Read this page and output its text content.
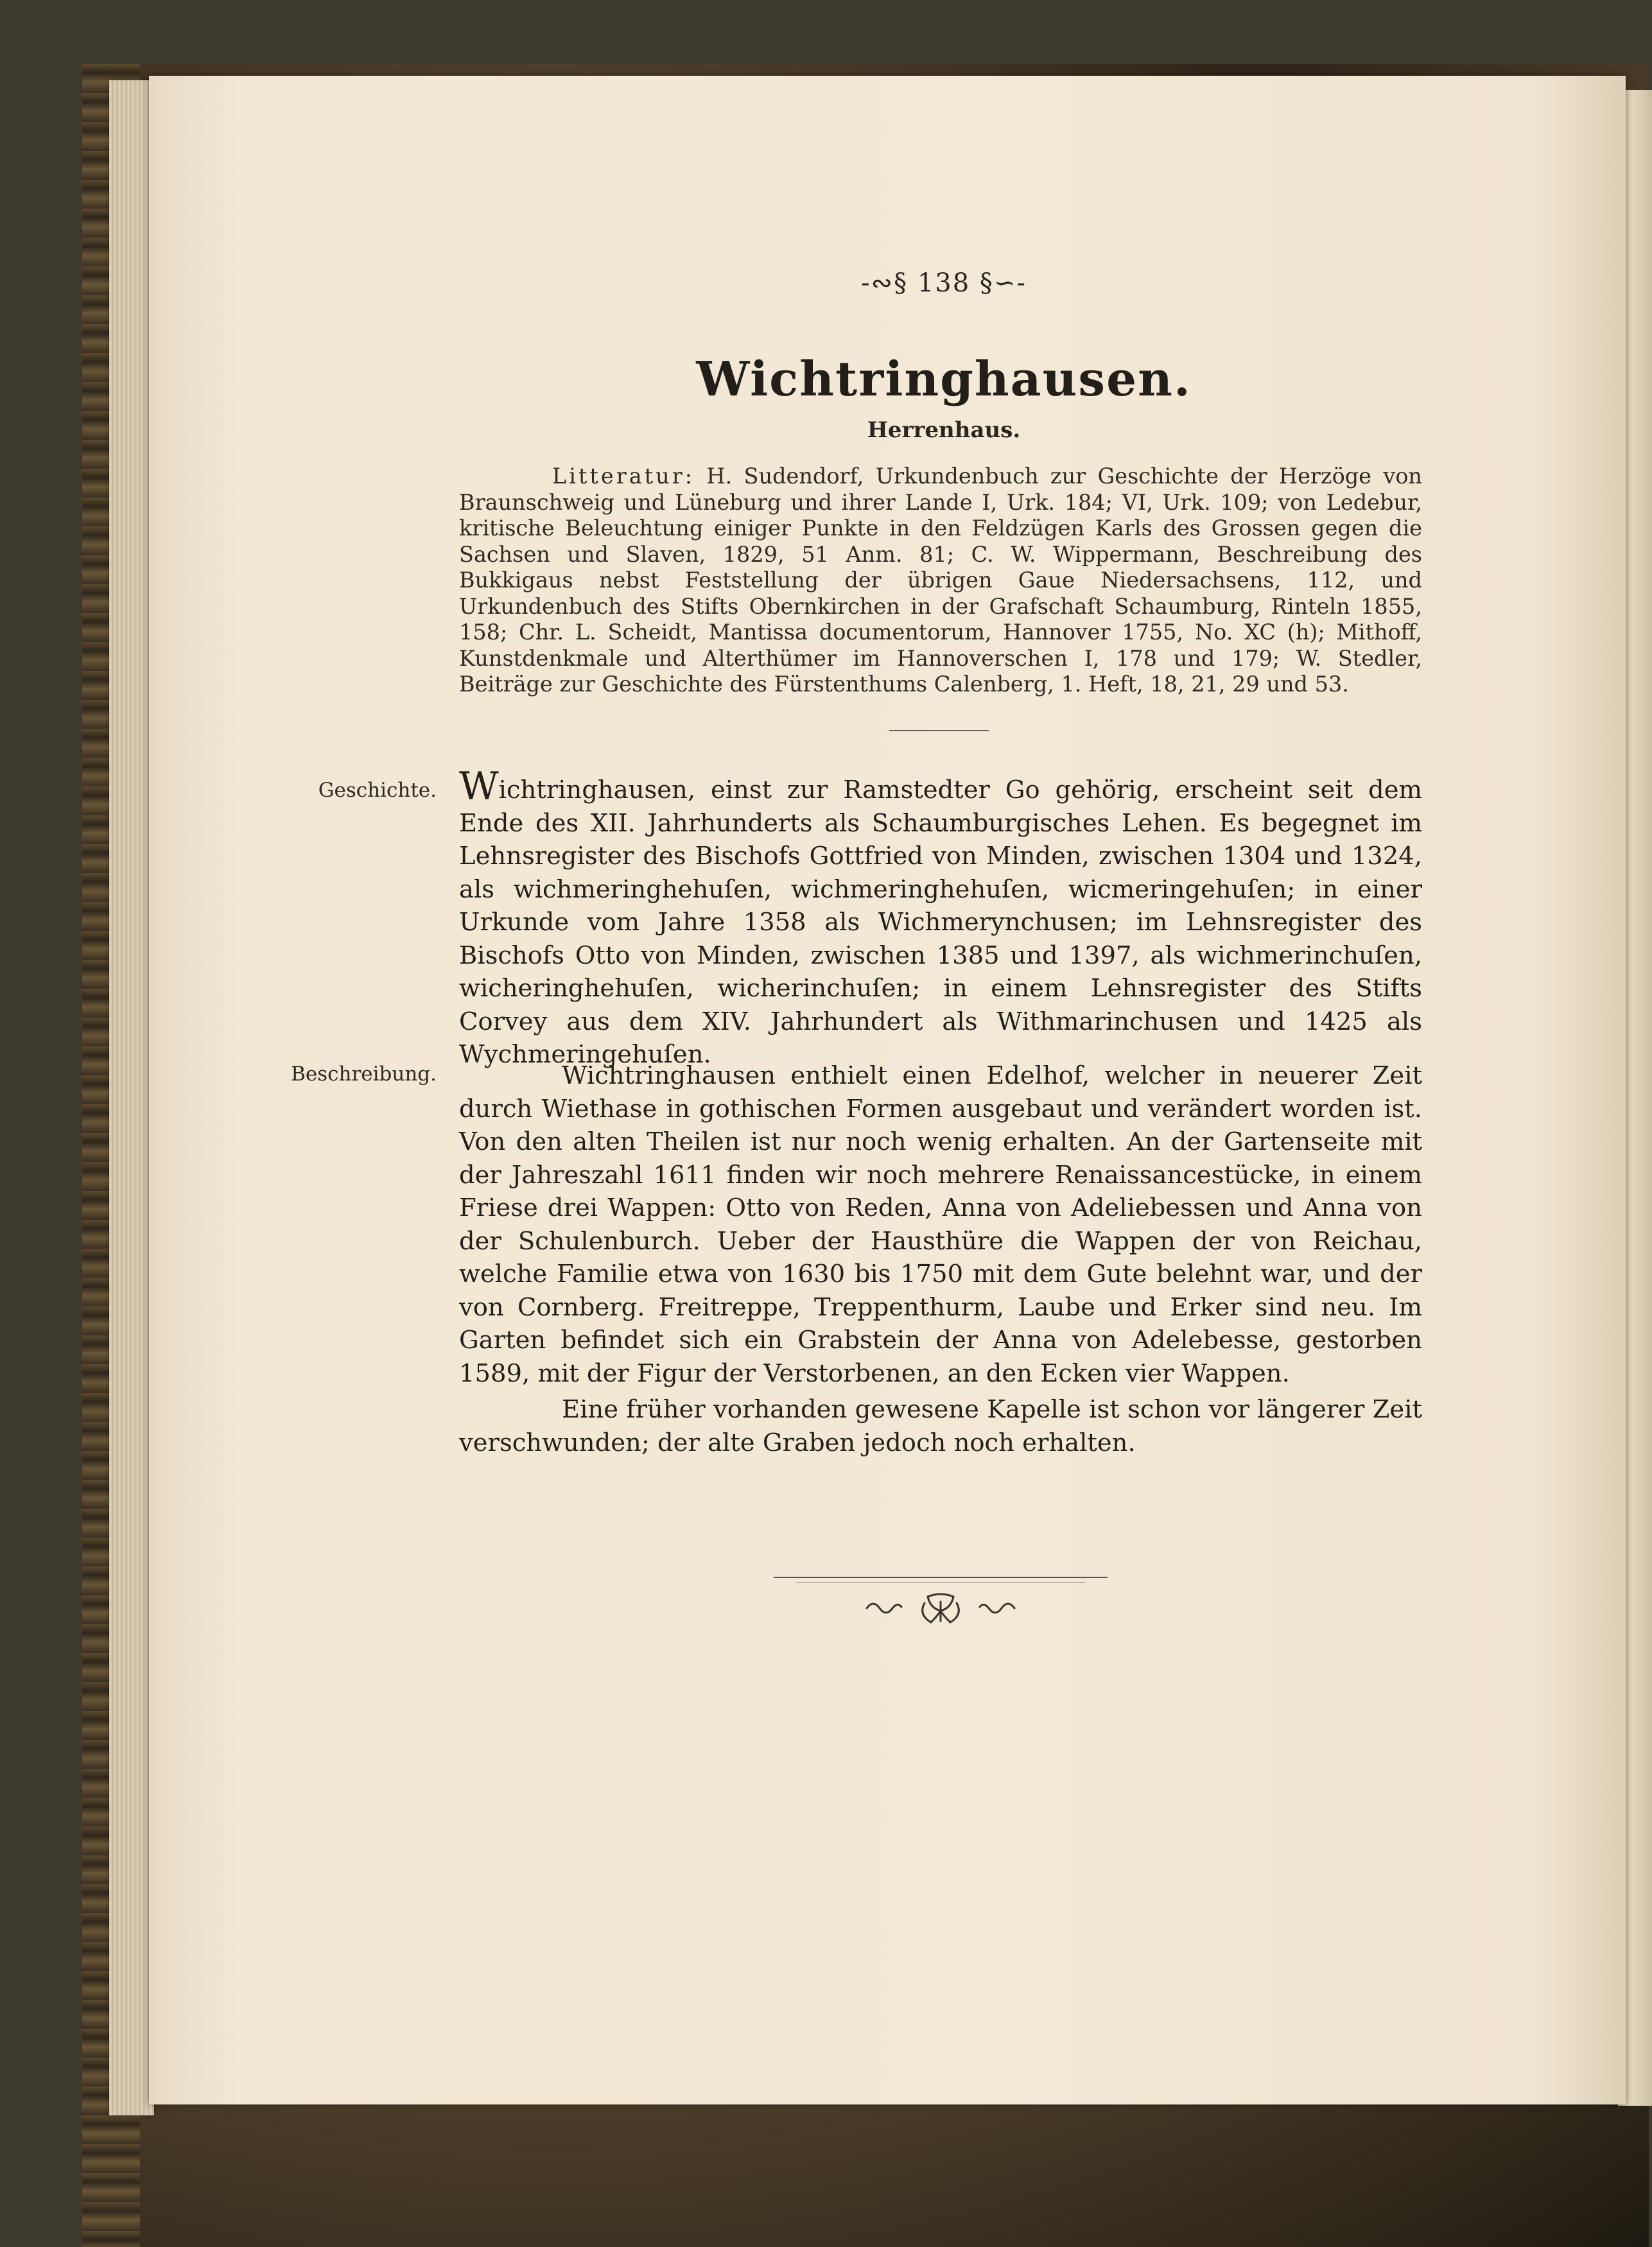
-∾§ 138 §∽-
Wichtringhausen.
Herrenhaus.
Litteratur: H. Sudendorf, Urkundenbuch zur Geschichte der Herzöge von Braunschweig und Lüneburg und ihrer Lande I, Urk. 184; VI, Urk. 109; von Ledebur, kritische Beleuchtung einiger Punkte in den Feldzügen Karls des Grossen gegen die Sachsen und Slaven, 1829, 51 Anm. 81; C. W. Wippermann, Beschreibung des Bukkigaus nebst Feststellung der übrigen Gaue Niedersachsens, 112, und Urkundenbuch des Stifts Obernkirchen in der Grafschaft Schaumburg, Rinteln 1855, 158; Chr. L. Scheidt, Mantissa documentorum, Hannover 1755, No. XC (h); Mithoff, Kunstdenkmale und Alterthümer im Hannoverschen I, 178 und 179; W. Stedler, Beiträge zur Geschichte des Fürstenthums Calenberg, 1. Heft, 18, 21, 29 und 53.
Geschichte. Wichtringhausen, einst zur Ramstedter Go gehörig, erscheint seit dem Ende des XII. Jahrhunderts als Schaumburgisches Lehen. Es begegnet im Lehnsregister des Bischofs Gottfried von Minden, zwischen 1304 und 1324, als wichmeringhehuſen, wichmeringhehuſen, wicmeringehuſen; in einer Urkunde vom Jahre 1358 als Wichmerynchusen; im Lehnsregister des Bischofs Otto von Minden, zwischen 1385 und 1397, als wichmerinchuſen, wicheringhehuſen, wicherinchuſen; in einem Lehnsregister des Stifts Corvey aus dem XIV. Jahrhundert als Withmarinchusen und 1425 als Wychmeringehuſen.
Beschreibung.	Wichtringhausen enthielt einen Edelhof, welcher in neuerer Zeit durch Wiethase in gothischen Formen ausgebaut und verändert worden ist. Von den alten Theilen ist nur noch wenig erhalten. An der Gartenseite mit der Jahreszahl 1611 finden wir noch mehrere Renaissancestücke, in einem Friese drei Wappen: Otto von Reden, Anna von Adeliebessen und Anna von der Schulenburch. Ueber der Hausthüre die Wappen der von Reichau, welche Familie etwa von 1630 bis 1750 mit dem Gute belehnt war, und der von Cornberg. Freitreppe, Treppenthurm, Laube und Erker sind neu. Im Garten befindet sich ein Grabstein der Anna von Adelebesse, gestorben 1589, mit der Figur der Verstorbenen, an den Ecken vier Wappen.
Eine früher vorhanden gewesene Kapelle ist schon vor längerer Zeit verschwunden; der alte Graben jedoch noch erhalten.
